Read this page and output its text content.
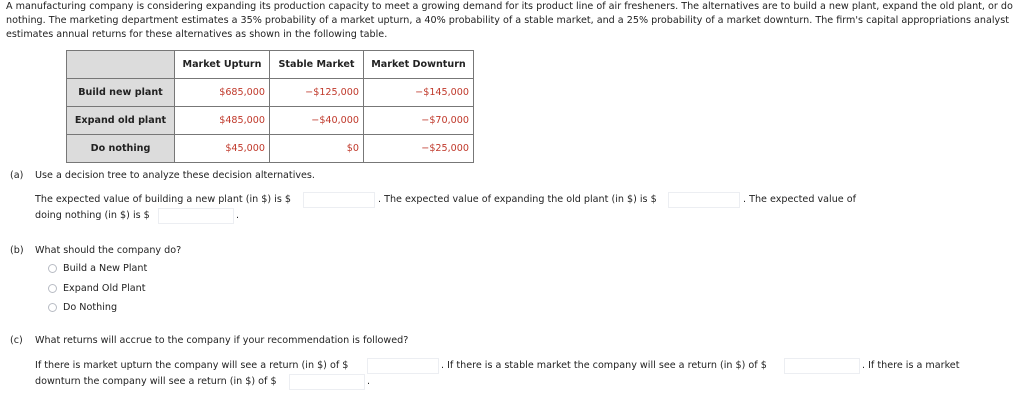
A manufacturing company is considering expanding its production capacity to meet a growing demand for its product line of air fresheners. The alternatives are to build a new plant, expand the old plant, or do nothing. The marketing department estimates a 35% probability of a market upturn, a 40% probability of a stable market, and a 25% probability of a market downturn. The firm's capital appropriations analyst estimates annual returns for these alternatives as shown in the following table.
	Market Upturn	Stable Market	Market Downturn
Build new plant	$685,000	−$125,000	−$145,000
Expand old plant	$485,000	−$40,000	−$70,000
Do nothing	$45,000	$0	−$25,000
(a) Use a decision tree to analyze these decision alternatives.
The expected value of building a new plant (in $) is $	. The expected value of expanding the old plant (in $) is $	. The expected value of
doing nothing (in $) is $	.
(b) What should the company do?
Build a New Plant
Expand Old Plant
Do Nothing
(c) What returns will accrue to the company if your recommendation is followed?
If there is market upturn the company will see a return (in $) of $	. If there is a stable market the company will see a return (in $) of $	. If there is a market
downturn the company will see a return (in $) of $	.
